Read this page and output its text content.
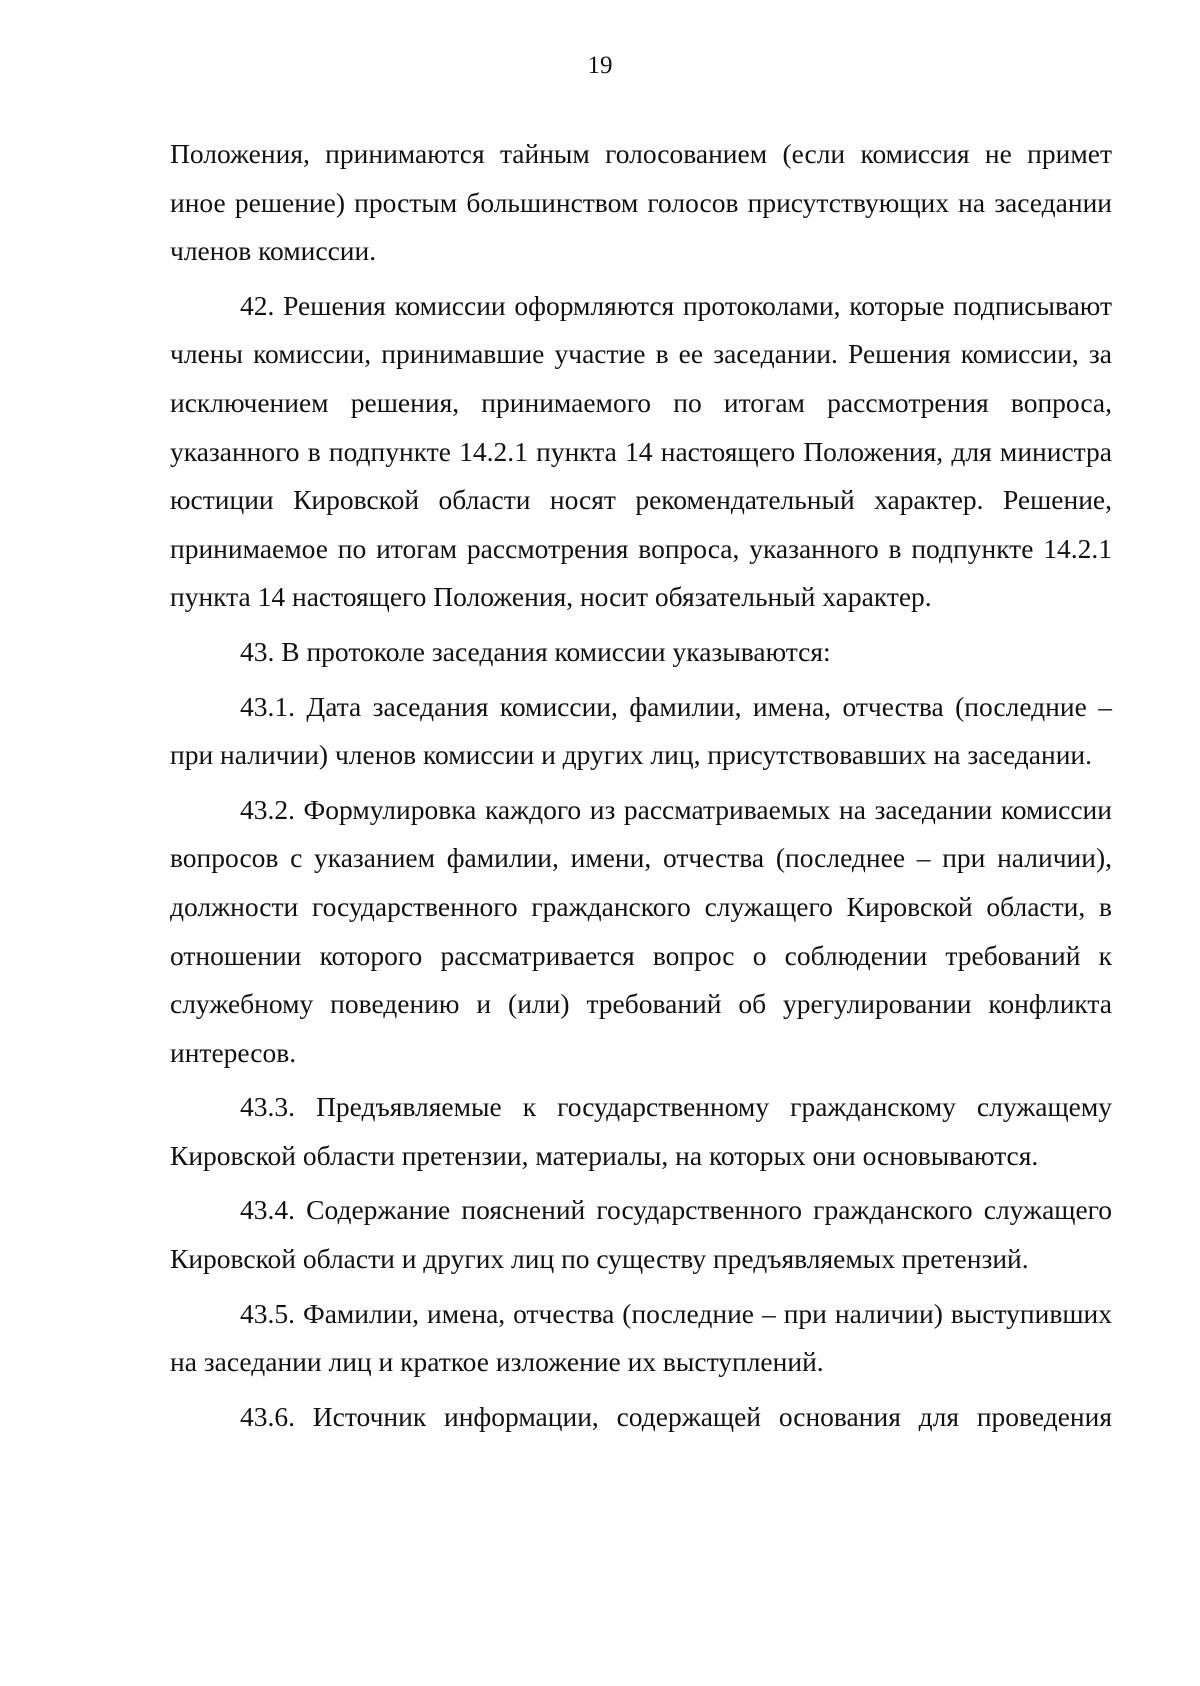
19

Положения, принимаются тайным голосованием (если комиссия не примет иное решение) простым большинством голосов присутствующих на заседании членов комиссии.

42. Решения комиссии оформляются протоколами, которые подписывают члены комиссии, принимавшие участие в ее заседании. Решения комиссии, за исключением решения, принимаемого по итогам рассмотрения вопроса, указанного в подпункте 14.2.1 пункта 14 настоящего Положения, для министра юстиции Кировской области носят рекомендательный характер. Решение, принимаемое по итогам рассмотрения вопроса, указанного в подпункте 14.2.1 пункта 14 настоящего Положения, носит обязательный характер.

43. В протоколе заседания комиссии указываются:

43.1. Дата заседания комиссии, фамилии, имена, отчества (последние – при наличии) членов комиссии и других лиц, присутствовавших на заседании.

43.2. Формулировка каждого из рассматриваемых на заседании комиссии вопросов с указанием фамилии, имени, отчества (последнее – при наличии), должности государственного гражданского служащего Кировской области, в отношении которого рассматривается вопрос о соблюдении требований к служебному поведению и (или) требований об урегулировании конфликта интересов.

43.3. Предъявляемые к государственному гражданскому служащему Кировской области претензии, материалы, на которых они основываются.

43.4. Содержание пояснений государственного гражданского служащего Кировской области и других лиц по существу предъявляемых претензий.

43.5. Фамилии, имена, отчества (последние – при наличии) выступивших на заседании лиц и краткое изложение их выступлений.

43.6. Источник информации, содержащей основания для проведения
